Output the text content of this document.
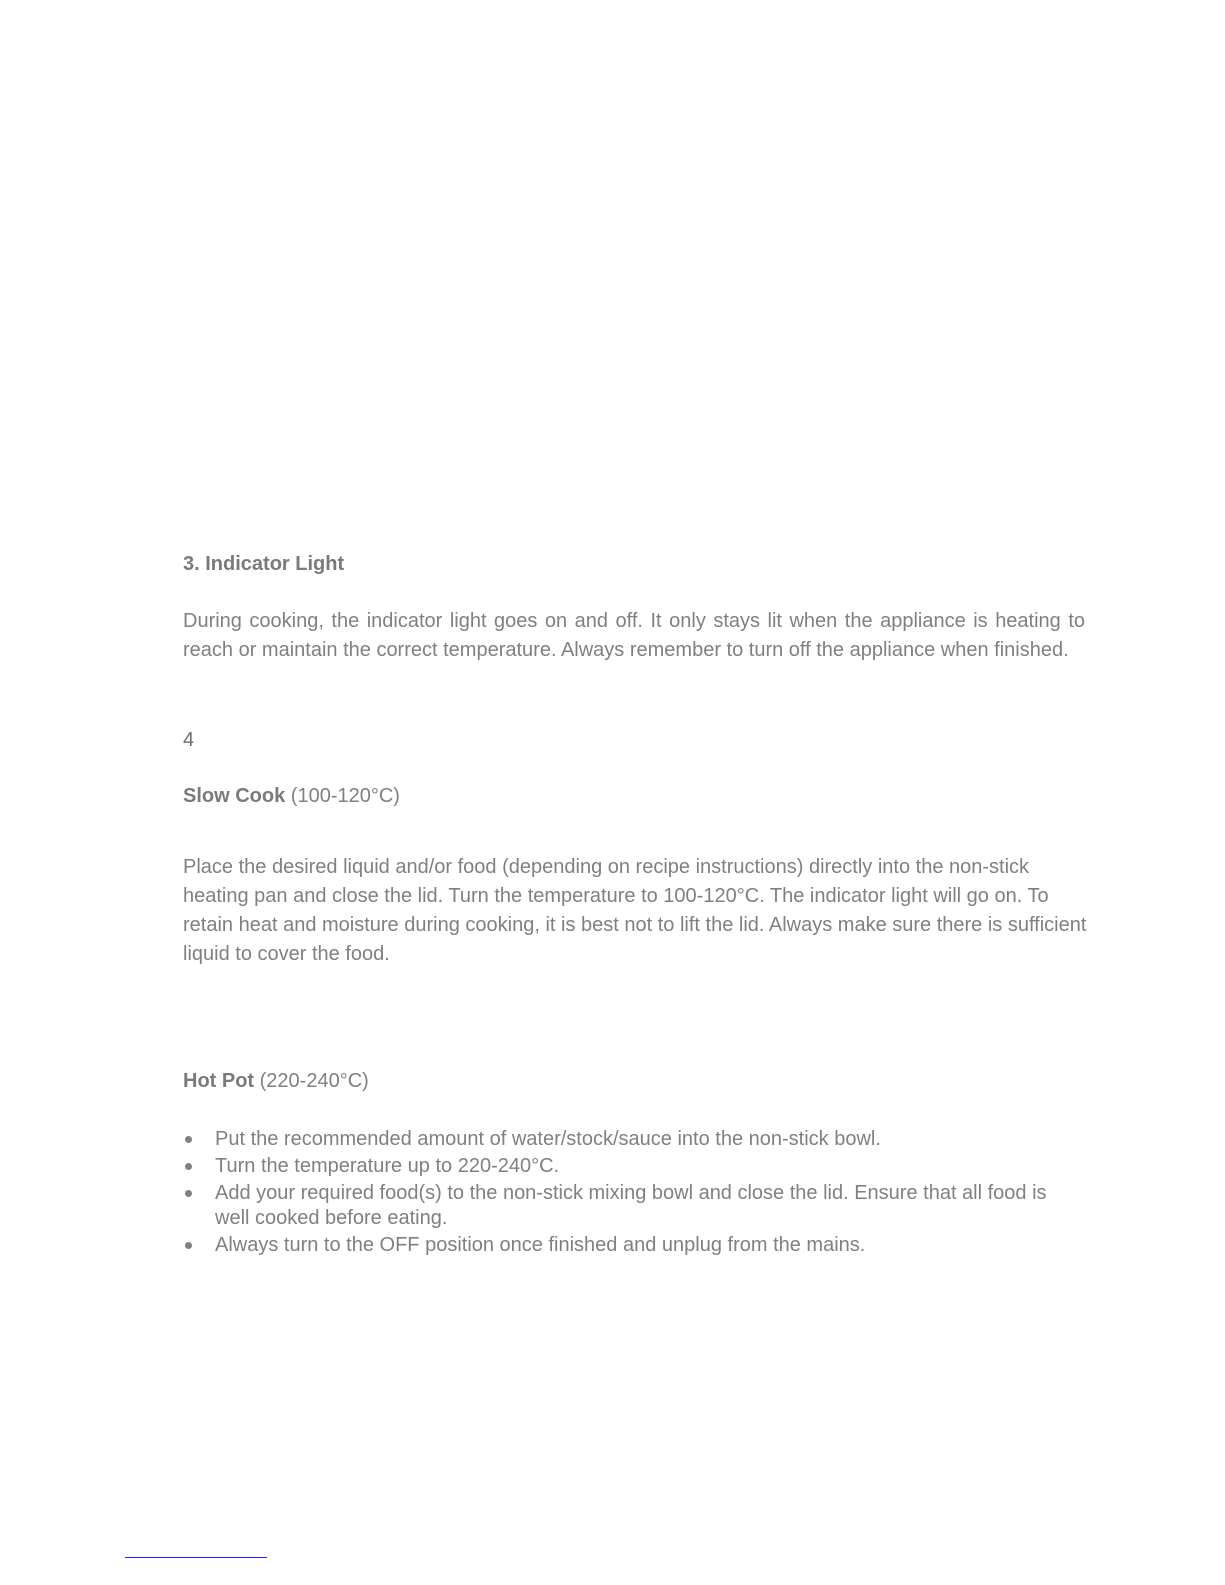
3. Indicator Light

During cooking, the indicator light goes on and off. It only stays lit when the appliance is heating to reach or maintain the correct temperature. Always remember to turn off the appliance when finished.

4
Slow Cook (100-120°C)

Place the desired liquid and/or food (depending on recipe instructions) directly into the non-stick heating pan and close the lid. Turn the temperature to 100-120°C. The indicator light will go on. To retain heat and moisture during cooking, it is best not to lift the lid. Always make sure there is sufficient liquid to cover the food.

Hot Pot (220-240°C)
Put the recommended amount of water/stock/sauce into the non-stick bowl.
Turn the temperature up to 220-240°C.
Add your required food(s) to the non-stick mixing bowl and close the lid. Ensure that all food is well cooked before eating.
Always turn to the OFF position once finished and unplug from the mains.
